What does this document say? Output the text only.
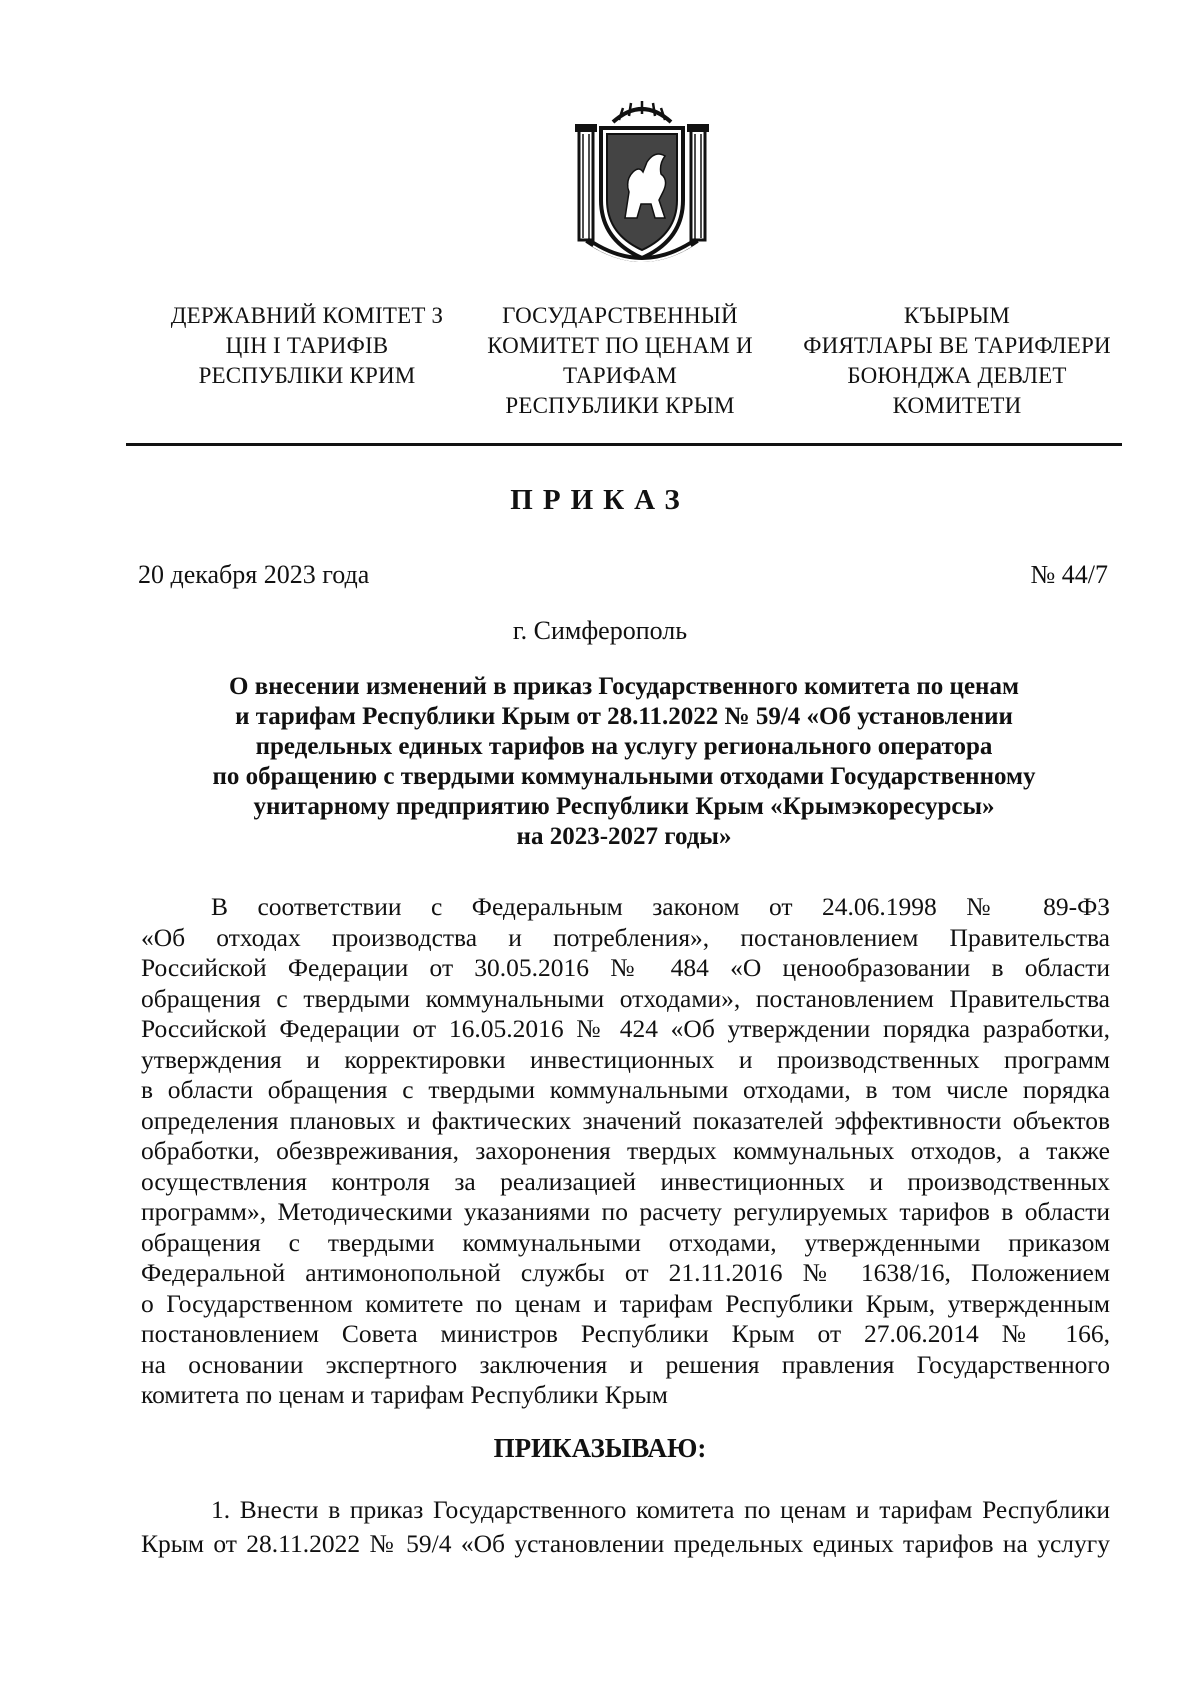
ДЕРЖАВНИЙ КОМІТЕТ З
ЦІН І ТАРИФІВ
РЕСПУБЛІКИ КРИМ
ГОСУДАРСТВЕННЫЙ
КОМИТЕТ ПО ЦЕНАМ И
ТАРИФАМ
РЕСПУБЛИКИ КРЫМ
КЪЫРЫМ
ФИЯТЛАРЫ ВЕ ТАРИФЛЕРИ
БОЮНДЖА ДЕВЛЕТ
КОМИТЕТИ
ПРИКАЗ
20 декабря 2023 года	№ 44/7
г. Симферополь
О внесении изменений в приказ Государственного комитета по ценам
и тарифам Республики Крым от 28.11.2022 № 59/4 «Об установлении
предельных единых тарифов на услугу регионального оператора
по обращению с твердыми коммунальными отходами Государственному
унитарному предприятию Республики Крым «Крымэкоресурсы»
на 2023-2027 годы»
В соответствии с Федеральным законом от 24.06.1998 № 89-ФЗ
«Об отходах производства и потребления», постановлением Правительства
Российской Федерации от 30.05.2016 № 484 «О ценообразовании в области
обращения с твердыми коммунальными отходами», постановлением Правительства
Российской Федерации от 16.05.2016 № 424 «Об утверждении порядка разработки,
утверждения и корректировки инвестиционных и производственных программ
в области обращения с твердыми коммунальными отходами, в том числе порядка
определения плановых и фактических значений показателей эффективности объектов
обработки, обезвреживания, захоронения твердых коммунальных отходов, а также
осуществления контроля за реализацией инвестиционных и производственных
программ», Методическими указаниями по расчету регулируемых тарифов в области
обращения с твердыми коммунальными отходами, утвержденными приказом
Федеральной антимонопольной службы от 21.11.2016 № 1638/16, Положением
о Государственном комитете по ценам и тарифам Республики Крым, утвержденным
постановлением Совета министров Республики Крым от 27.06.2014 № 166,
на основании экспертного заключения и решения правления Государственного
комитета по ценам и тарифам Республики Крым
ПРИКАЗЫВАЮ:
1. Внести в приказ Государственного комитета по ценам и тарифам Республики
Крым от 28.11.2022 № 59/4 «Об установлении предельных единых тарифов на услугу
